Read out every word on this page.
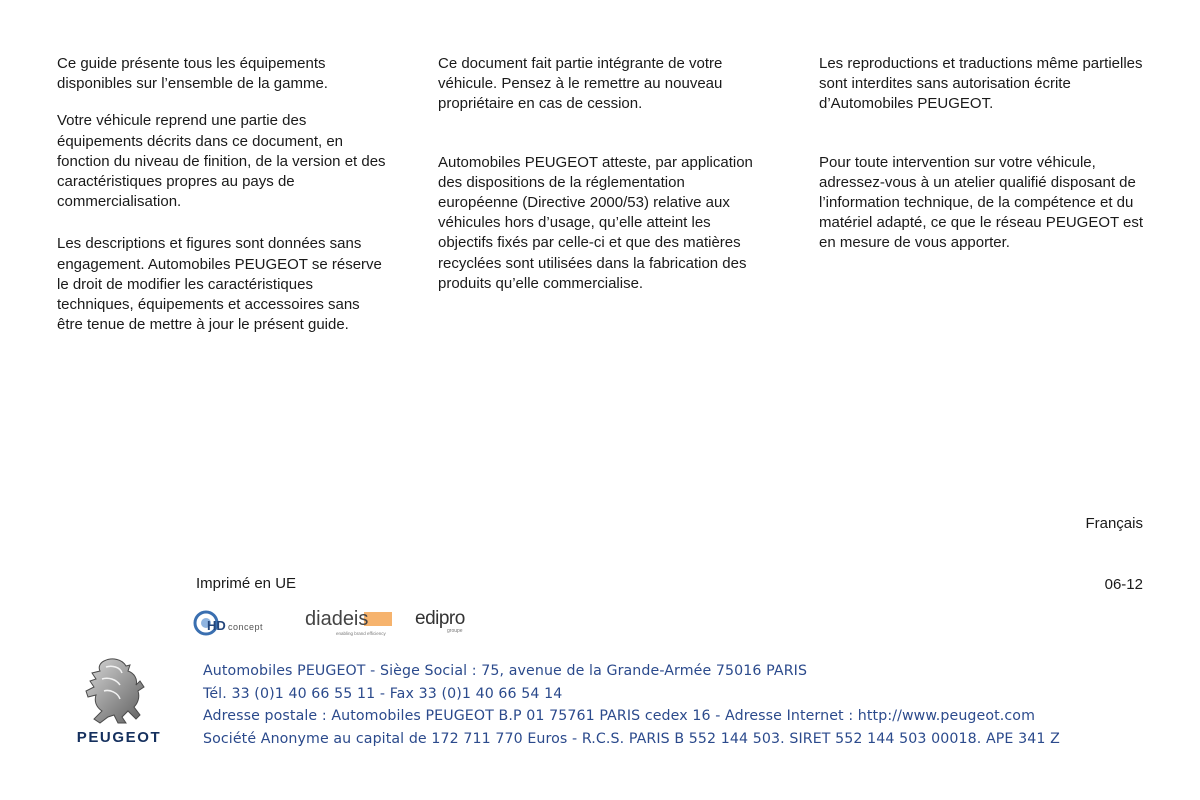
Ce guide présente tous les équipements disponibles sur l’ensemble de la gamme.

Votre véhicule reprend une partie des équipements décrits dans ce document, en fonction du niveau de finition, de la version et des caractéristiques propres au pays de commercialisation.

Les descriptions et figures sont données sans engagement. Automobiles PEUGEOT se réserve le droit de modifier les caractéristiques techniques, équipements et accessoires sans être tenue de mettre à jour le présent guide.

Ce document fait partie intégrante de votre véhicule. Pensez à le remettre au nouveau propriétaire en cas de cession.

Automobiles PEUGEOT atteste, par application des dispositions de la réglementation européenne (Directive 2000/53) relative aux véhicules hors d’usage, qu’elle atteint les objectifs fixés par celle-ci et que des matières recyclées sont utilisées dans la fabrication des produits qu’elle commercialise.

Les reproductions et traductions même partielles sont interdites sans autorisation écrite d’Automobiles PEUGEOT.

Pour toute intervention sur votre véhicule, adressez-vous à un atelier qualifié disposant de l’information technique, de la compétence et du matériel adapté, ce que le réseau PEUGEOT est en mesure de vous apporter.

Français
Imprimé en UE	06-12
HD concept diadeis
enabling brand efficiency
edipro
groupe
PEUGEOT
Automobiles PEUGEOT - Siège Social : 75, avenue de la Grande-Armée 75016 PARIS
Tél. 33 (0)1 40 66 55 11 - Fax 33 (0)1 40 66 54 14
Adresse postale : Automobiles PEUGEOT B.P 01 75761 PARIS cedex 16 - Adresse Internet : http://www.peugeot.com
Société Anonyme au capital de 172 711 770 Euros - R.C.S. PARIS B 552 144 503. SIRET 552 144 503 00018. APE 341 Z
